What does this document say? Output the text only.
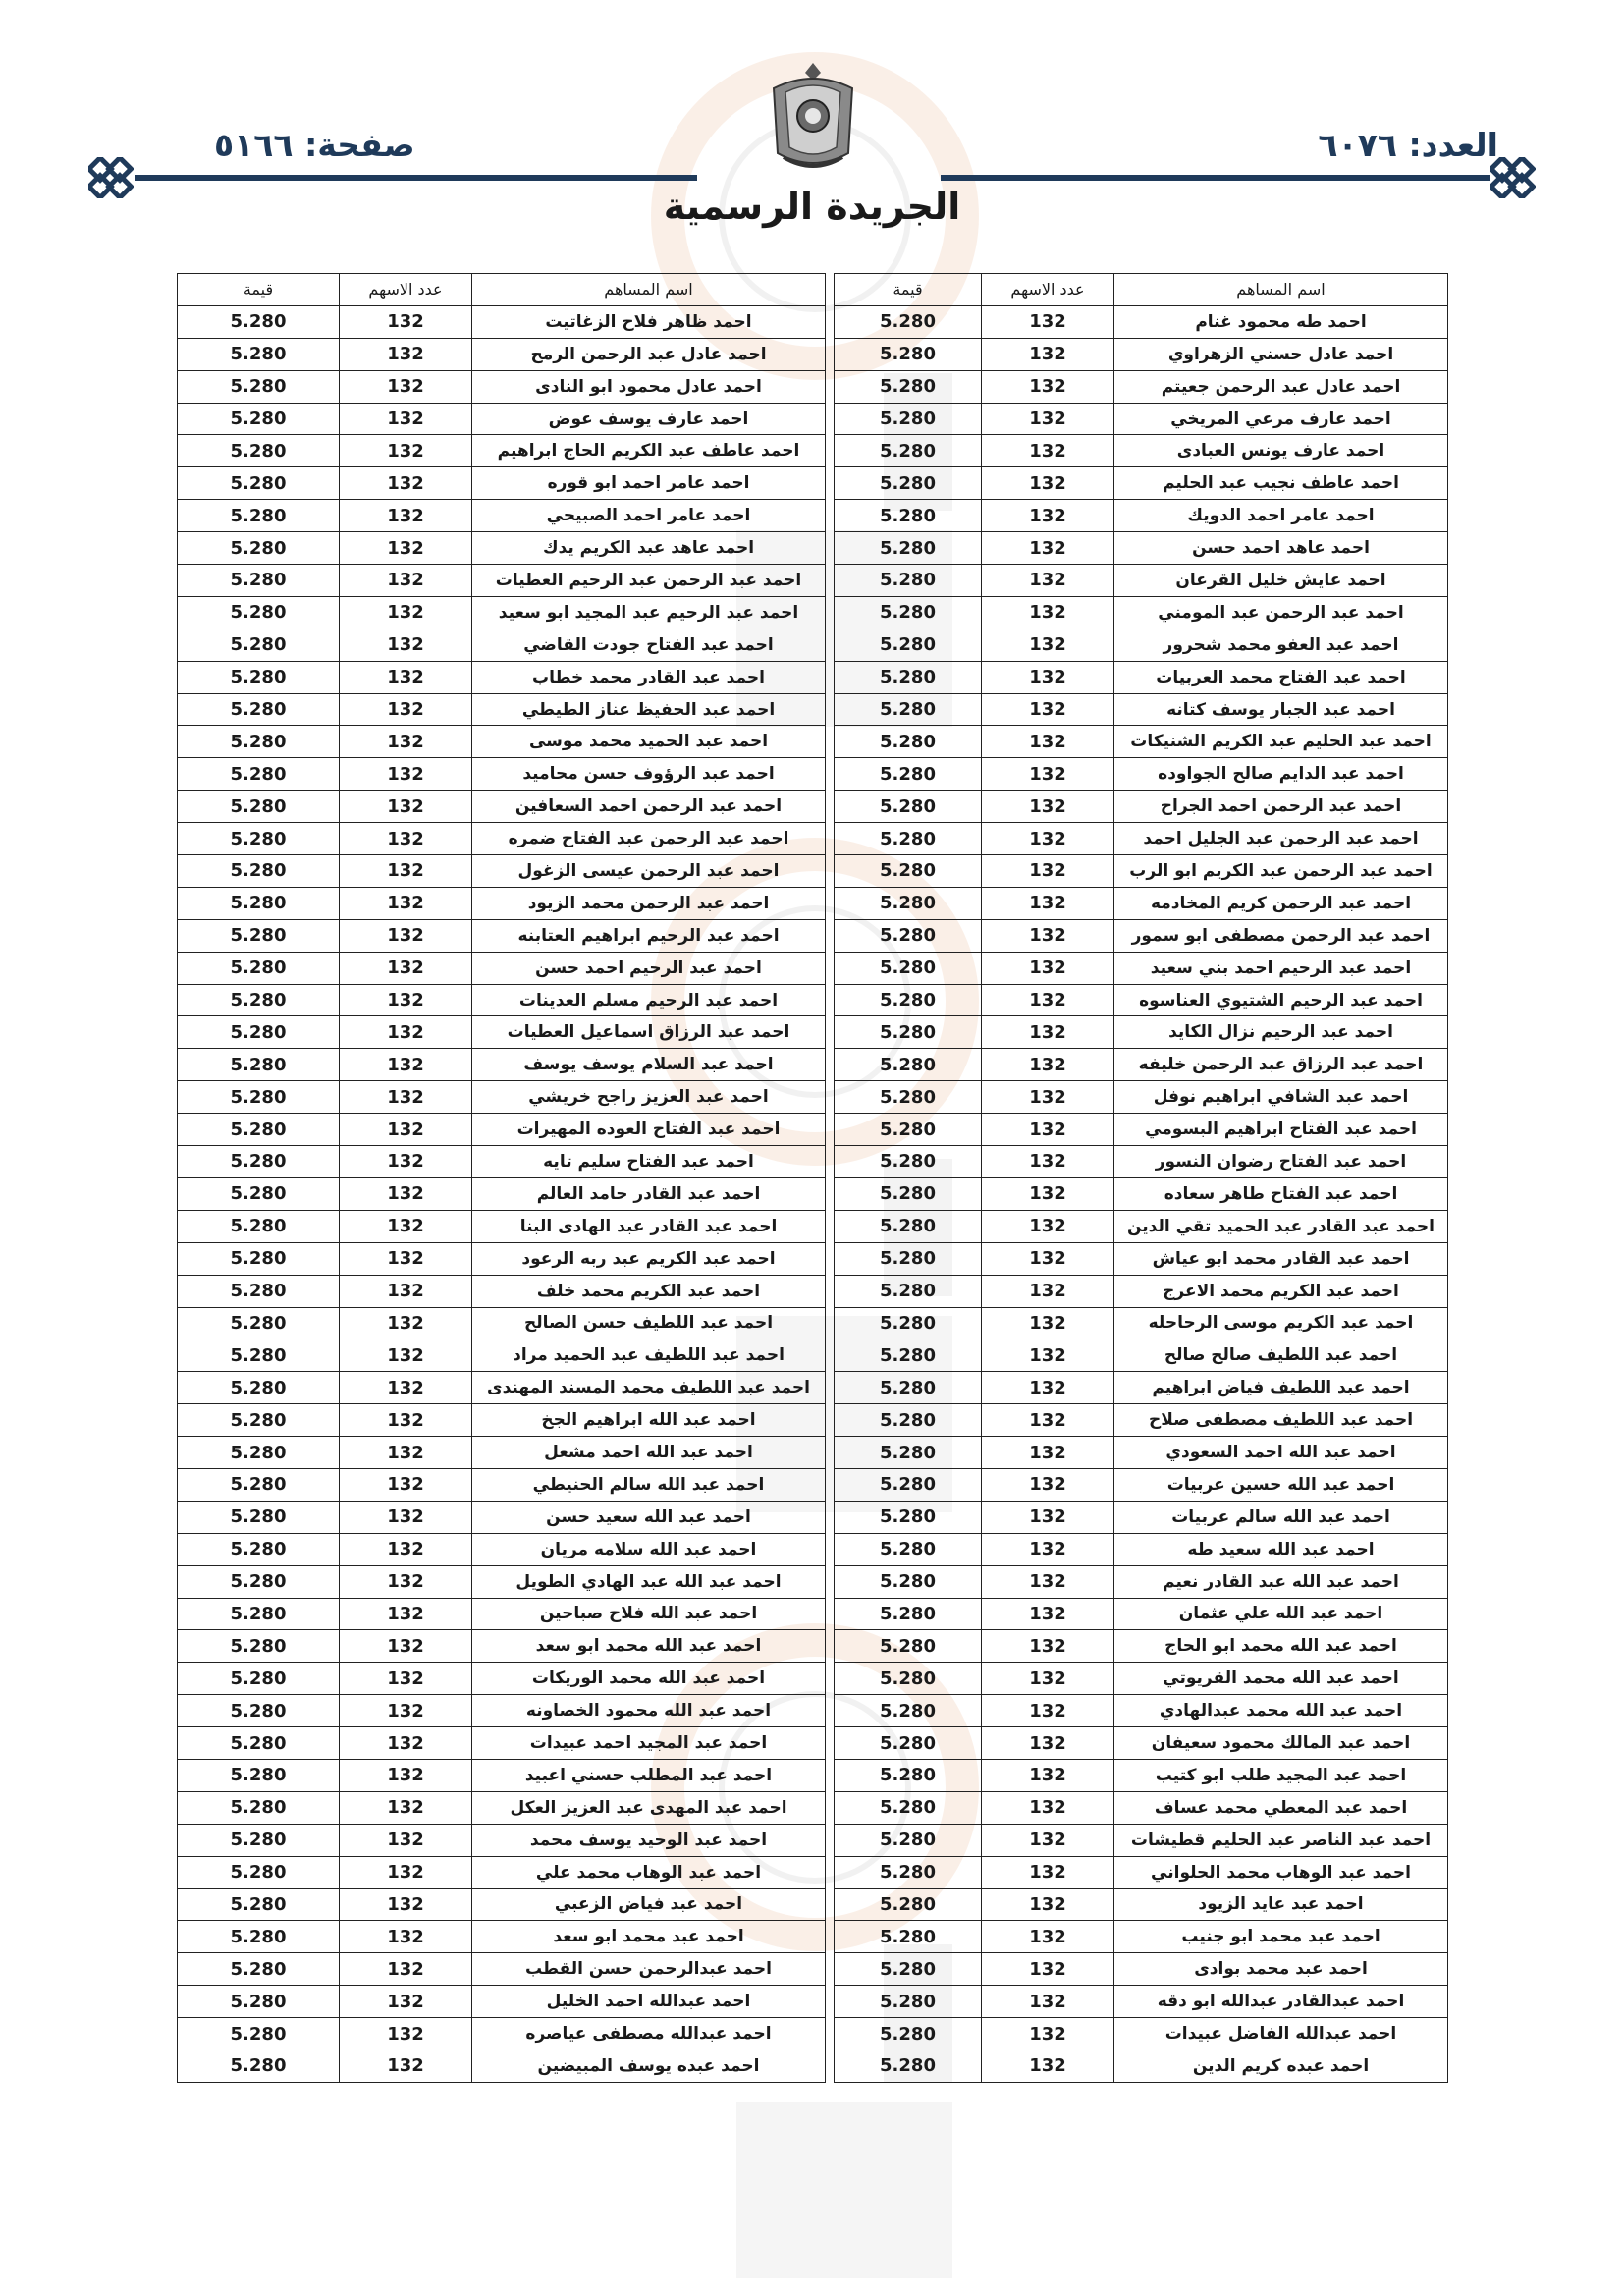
العدد: ٦٠٧٦
صفحة: ٥١٦٦
الجريدة الرسمية
اسم المساهم	عدد الاسهم	قيمة		اسم المساهم	عدد الاسهم	قيمة
احمد طه محمود غنام	132	5.280		احمد ظاهر فلاح الزغاتيت	132	5.280
احمد عادل حسني الزهراوي	132	5.280		احمد عادل عبد الرحمن الرمح	132	5.280
احمد عادل عبد الرحمن جعيتم	132	5.280		احمد عادل محمود ابو النادى	132	5.280
احمد عارف مرعي المريخي	132	5.280		احمد عارف يوسف عوض	132	5.280
احمد عارف يونس العبادى	132	5.280		احمد عاطف عبد الكريم الحاج ابراهيم	132	5.280
احمد عاطف نجيب عبد الحليم	132	5.280		احمد عامر احمد ابو قوره	132	5.280
احمد عامر احمد الدويك	132	5.280		احمد عامر احمد الصبيحي	132	5.280
احمد عاهد احمد حسن	132	5.280		احمد عاهد عبد الكريم يدك	132	5.280
احمد عايش خليل القرعان	132	5.280		احمد عبد الرحمن عبد الرحيم العطيات	132	5.280
احمد عبد الرحمن عبد المومني	132	5.280		احمد عبد الرحيم عبد المجيد ابو سعيد	132	5.280
احمد عبد العفو محمد شحرور	132	5.280		احمد عبد الفتاح جودت القاضي	132	5.280
احمد عبد الفتاح محمد العربيات	132	5.280		احمد عبد القادر محمد خطاب	132	5.280
احمد عبد الجبار يوسف كتانه	132	5.280		احمد عبد الحفيظ عناز الطيطي	132	5.280
احمد عبد الحليم عبد الكريم الشنيكات	132	5.280		احمد عبد الحميد محمد موسى	132	5.280
احمد عبد الدايم صالح الجواوده	132	5.280		احمد عبد الرؤوف حسن محاميد	132	5.280
احمد عبد الرحمن احمد الجراح	132	5.280		احمد عبد الرحمن احمد السعافين	132	5.280
احمد عبد الرحمن عبد الجليل احمد	132	5.280		احمد عبد الرحمن عبد الفتاح ضمره	132	5.280
احمد عبد الرحمن عبد الكريم ابو الرب	132	5.280		احمد عبد الرحمن عيسى الزغول	132	5.280
احمد عبد الرحمن كريم المخادمه	132	5.280		احمد عبد الرحمن محمد الزيود	132	5.280
احمد عبد الرحمن مصطفى ابو سمور	132	5.280		احمد عبد الرحيم ابراهيم العتابنه	132	5.280
احمد عبد الرحيم احمد بني سعيد	132	5.280		احمد عبد الرحيم احمد حسن	132	5.280
احمد عبد الرحيم الشتيوي العناسوه	132	5.280		احمد عبد الرحيم مسلم العدينات	132	5.280
احمد عبد الرحيم نزال الكايد	132	5.280		احمد عبد الرزاق اسماعيل العطيات	132	5.280
احمد عبد الرزاق عبد الرحمن خليفه	132	5.280		احمد عبد السلام يوسف يوسف	132	5.280
احمد عبد الشافي ابراهيم نوفل	132	5.280		احمد عبد العزيز راجح خريشي	132	5.280
احمد عبد الفتاح ابراهيم البسومي	132	5.280		احمد عبد الفتاح العوده المهيرات	132	5.280
احمد عبد الفتاح رضوان النسور	132	5.280		احمد عبد الفتاح سليم تايه	132	5.280
احمد عبد الفتاح طاهر سعاده	132	5.280		احمد عبد القادر حامد العالم	132	5.280
احمد عبد القادر عبد الحميد تقي الدين	132	5.280		احمد عبد القادر عبد الهادى البنا	132	5.280
احمد عبد القادر محمد ابو عياش	132	5.280		احمد عبد الكريم عبد ربه الرعود	132	5.280
احمد عبد الكريم محمد الاعرج	132	5.280		احمد عبد الكريم محمد خلف	132	5.280
احمد عبد الكريم موسى الرحاحله	132	5.280		احمد عبد اللطيف حسن الصالح	132	5.280
احمد عبد اللطيف صالح صالح	132	5.280		احمد عبد اللطيف عبد الحميد مراد	132	5.280
احمد عبد اللطيف فياض ابراهيم	132	5.280		احمد عبد اللطيف محمد المسند المهندى	132	5.280
احمد عبد اللطيف مصطفى صلاح	132	5.280		احمد عبد الله ابراهيم الجخ	132	5.280
احمد عبد الله احمد السعودي	132	5.280		احمد عبد الله احمد مشعل	132	5.280
احمد عبد الله حسين عربيات	132	5.280		احمد عبد الله سالم الحنيطي	132	5.280
احمد عبد الله سالم عربيات	132	5.280		احمد عبد الله سعيد حسن	132	5.280
احمد عبد الله سعيد طه	132	5.280		احمد عبد الله سلامه مريان	132	5.280
احمد عبد الله عبد القادر نعيم	132	5.280		احمد عبد الله عبد الهادي الطويل	132	5.280
احمد عبد الله علي عثمان	132	5.280		احمد عبد الله فلاح صباحين	132	5.280
احمد عبد الله محمد ابو الحاج	132	5.280		احمد عبد الله محمد ابو سعد	132	5.280
احمد عبد الله محمد القريوتي	132	5.280		احمد عبد الله محمد الوريكات	132	5.280
احمد عبد الله محمد عبدالهادي	132	5.280		احمد عبد الله محمود الخصاونه	132	5.280
احمد عبد المالك محمود سعيفان	132	5.280		احمد عبد المجيد احمد عبيدات	132	5.280
احمد عبد المجيد طلب ابو كتيب	132	5.280		احمد عبد المطلب حسني اعبيد	132	5.280
احمد عبد المعطي محمد عساف	132	5.280		احمد عبد المهدى عبد العزيز العكل	132	5.280
احمد عبد الناصر عبد الحليم قطيشات	132	5.280		احمد عبد الوحيد يوسف محمد	132	5.280
احمد عبد الوهاب محمد الحلواني	132	5.280		احمد عبد الوهاب محمد علي	132	5.280
احمد عبد عايد الزيود	132	5.280		احمد عبد فياض الزعبي	132	5.280
احمد عبد محمد ابو جنيب	132	5.280		احمد عبد محمد ابو سعد	132	5.280
احمد عبد محمد بوادى	132	5.280		احمد عبدالرحمن حسن القطب	132	5.280
احمد عبدالقادر عبدالله ابو دقه	132	5.280		احمد عبدالله احمد الخليل	132	5.280
احمد عبدالله الفاضل عبيدات	132	5.280		احمد عبدالله مصطفى عياصره	132	5.280
احمد عبده كريم الدين	132	5.280		احمد عبده يوسف المبيضين	132	5.280
